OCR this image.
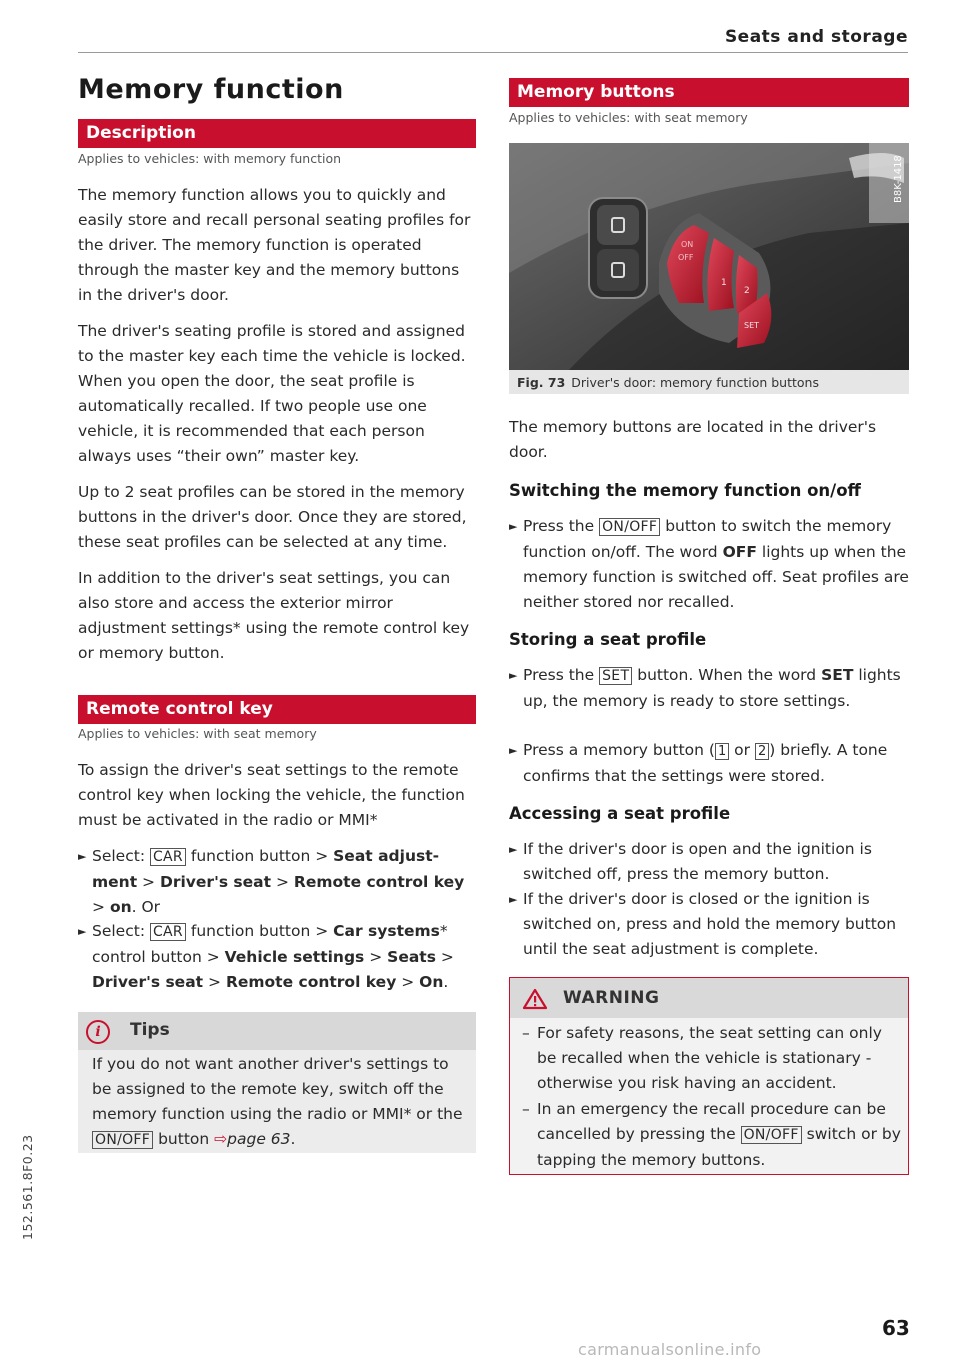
Seats and storage
Memory function
Description
Applies to vehicles: with memory function

The memory function allows you to quickly and easily store and recall personal seating profiles for the driver. The memory function is operated through the master key and the memory buttons in the driver's door.

The driver's seating profile is stored and assigned to the master key each time the vehicle is locked. When you open the door, the seat profile is automatically recalled. If two people use one vehicle, it is recommended that each person always uses “their own” master key.

Up to 2 seat profiles can be stored in the memory buttons in the driver's door. Once they are stored, these seat profiles can be selected at any time.

In addition to the driver's seat settings, you can also store and access the exterior mirror adjustment settings* using the remote control key or memory button.

Remote control key
Applies to vehicles: with seat memory
To assign the driver's seat settings to the remote control key when locking the vehicle, the function must be activated in the radio or MMI*
► Select: CAR function button > Seat adjust-ment > Driver's seat > Remote control key > on. Or
► Select: CAR function button > Car systems* control button > Vehicle settings > Seats > Driver's seat > Remote control key > On.
i	Tips
If you do not want another driver's settings to be assigned to the remote key, switch off the memory function using the radio or MMI* or the ON/OFF button ⇨page 63.
Memory buttons
Applies to vehicles: with seat memory
ON
OFF
1
2
SET
B8K-1418
Fig. 73 Driver's door: memory function buttons
The memory buttons are located in the driver's door.
Switching the memory function on/off
► Press the ON/OFF button to switch the memory function on/off. The word OFF lights up when the memory function is switched off. Seat profiles are neither stored nor recalled.
Storing a seat profile
► Press the SET button. When the word SET lights up, the memory is ready to store settings.
► Press a memory button ( 1 or 2 ) briefly. A tone confirms that the settings were stored.
Accessing a seat profile
► If the driver's door is open and the ignition is switched off, press the memory button.
► If the driver's door is closed or the ignition is switched on, press and hold the memory button until the seat adjustment is complete.
WARNING
– For safety reasons, the seat setting can only be recalled when the vehicle is stationary - otherwise you risk having an accident.
– In an emergency the recall procedure can be cancelled by pressing the ON/OFF switch or by tapping the memory buttons.
152.561.8F0.23
63
carmanualsonline.info
